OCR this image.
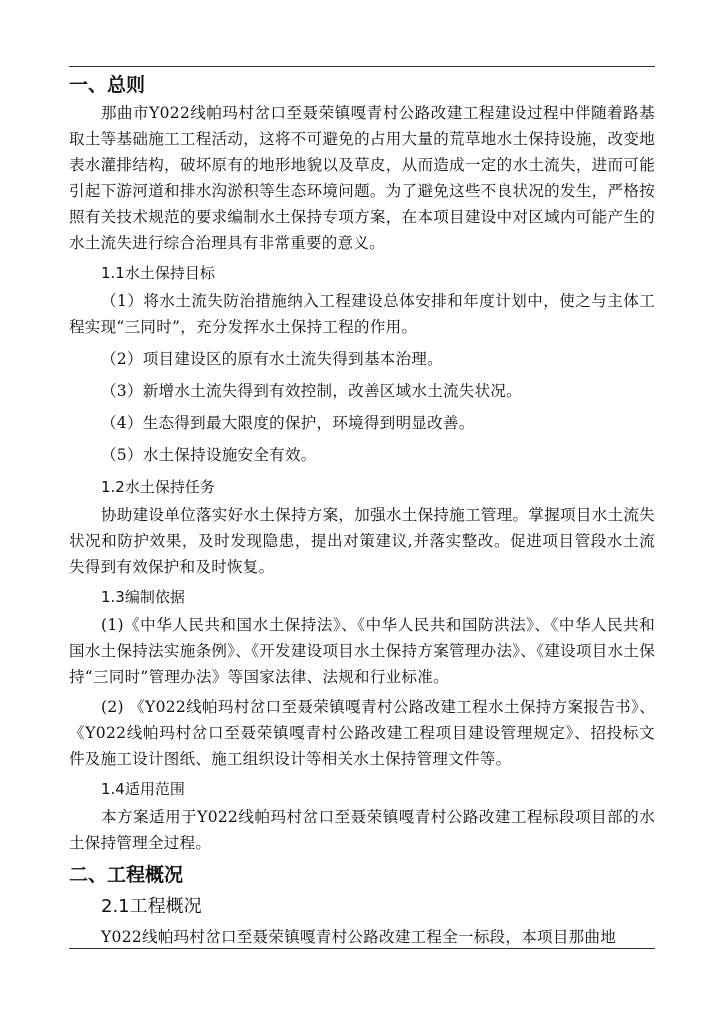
一、总则

那曲市Y022线帕玛村岔口至聂荣镇嘎青村公路改建工程建设过程中伴随着路基取土等基础施工工程活动，这将不可避免的占用大量的荒草地水土保持设施，改变地表水灌排结构，破坏原有的地形地貌以及草皮，从而造成一定的水土流失，进而可能引起下游河道和排水沟淤积等生态环境问题。为了避免这些不良状况的发生，严格按照有关技术规范的要求编制水土保持专项方案，在本项目建设中对区域内可能产生的水土流失进行综合治理具有非常重要的意义。

1.1水土保持目标

（1）将水土流失防治措施纳入工程建设总体安排和年度计划中，使之与主体工程实现“三同时”，充分发挥水土保持工程的作用。

（2）项目建设区的原有水土流失得到基本治理。

（3）新增水土流失得到有效控制，改善区域水土流失状况。

（4）生态得到最大限度的保护，环境得到明显改善。

（5）水土保持设施安全有效。

1.2水土保持任务

协助建设单位落实好水土保持方案，加强水土保持施工管理。掌握项目水土流失状况和防护效果，及时发现隐患，提出对策建议,并落实整改。促进项目管段水土流失得到有效保护和及时恢复。

1.3编制依据

(1)《中华人民共和国水土保持法》、《中华人民共和国防洪法》、《中华人民共和国水土保持法实施条例》、《开发建设项目水土保持方案管理办法》、《建设项目水土保持“三同时”管理办法》等国家法律、法规和行业标准。

(2) 《Y022线帕玛村岔口至聂荣镇嘎青村公路改建工程水土保持方案报告书》、《Y022线帕玛村岔口至聂荣镇嘎青村公路改建工程项目建设管理规定》、招投标文件及施工设计图纸、施工组织设计等相关水土保持管理文件等。

1.4适用范围

本方案适用于Y022线帕玛村岔口至聂荣镇嘎青村公路改建工程标段项目部的水土保持管理全过程。

二、工程概况
2.1工程概况

Y022线帕玛村岔口至聂荣镇嘎青村公路改建工程全一标段，本项目那曲地
